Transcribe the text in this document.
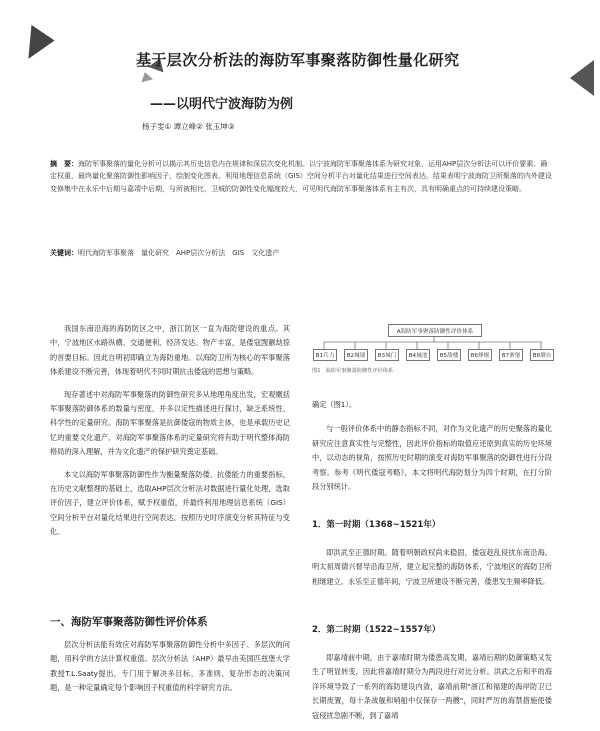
基于层次分析法的海防军事聚落防御性量化研究
——以明代宁波海防为例
杨子雯① 谭立峰② 张玉坤③
摘　要：海防军事聚落的量化分析可以揭示其历史信息内在规律和深层次变化机制。以宁波海防军事聚落体系为研究对象，运用AHP层次分析法可以评价要素、确定权重，最终量化聚落防御性影响因子，绘制变化图表。利用地理信息系统（GIS）空间分析平台对量化结果进行空间表达。结果表明宁波海防卫所聚落的内外建设变修集中在永乐中后期与嘉靖中后期，与所被相比，卫城的防御性变化幅度较大，可见明代海防军事聚落体系有主有次，具有明确重点的可持续建设策略。
关键词：明代海防军事聚落　量化研究　AHP层次分析法　GIS　文化遗产

我国东南沿海的海防防区之中，浙江防区一直为海防建设的重点。其中，宁波地区水路纵横、交通便利、经济发达、物产丰富，是倭寇觊觎劫掠的首要目标。因此自明初即确立为海防重地。以海防卫所为核心的军事聚落体系建设不断完善，体现着明代不同时期抗击倭寇的思想与策略。

现存著述中对海防军事聚落的防御性研究多从地理角度出发，宏观概括军事聚落防御体系的数量与密度，并多以定性描述进行探讨，缺乏系统性、科学性的定量研究。海防军事聚落是抗御倭寇的物质主体，也是承载历史记忆的重要文化遗产。对海防军事聚落体系的定量研究将有助于明代整体海防格局的深入理解，并为文化遗产的保护研究奠定基础。

本文以海防军事聚落防御性作为衡量聚落防倭、抗倭能力的重要指标，在历史文献整理的基础上，选取AHP层次分析法对数据进行量化处理，选取评价因子，建立评价体系，赋予权重值，并最终利用地理信息系统（GIS）空间分析平台对量化结果进行空间表达，按照历史时序演变分析其特征与变化。

一、海防军事聚落防御性评价体系

层次分析法能有效应对海防军事聚落防御性分析中多因子、多层次的问题，用科学的方法计算权重值。层次分析法（AHP）最早由美国匹兹堡大学教授T.L.Saaty提出，专门用于解决多目标、多准则、复杂形态的决策问题，是一种定量确定每个影响因子权重值的科学研究方法。

A海防军事聚落防御性评价体系
B1兵力	B2城墙	B3城门	B4城池	B5敌楼	B6烽堠	B7寨堡	B8墩台
图1　海防军事聚落防御性评价体系
确定（图1）。

与一般评价体系中的静态指标不同，对作为文化遗产的历史聚落的量化研究应注意真实性与完整性，因此评价指标的取值应还原到真实的历史环境中，以动态的视角，按照历史时期的演变对海防军事聚落的防御性进行分段考察。参考《明代倭寇考略》，本文将明代海防划分为四个时期，在打分阶段分别统计。

1．第一时期（1368~1521年）

即洪武至正德时期。随着明朝政权尚未稳固，倭寇趁乱侵扰东南沿海。明太祖周德兴督导沿海卫所，建立起完整的海防体系，宁波地区的海防卫所相继建立。永乐至正德年间，宁波卫所建设不断完善，倭患发生频率降低。

2．第二时期（1522~1557年）

即嘉靖前中期。由于嘉靖时期为倭患高发期，嘉靖后期的防御策略又发生了明显转变，因此将嘉靖时期分为两段进行对比分析。洪武之后和平的海洋环境导致了一系列的海防建设内敛，嘉靖前期"浙江和福建的海岸防卫已长期废置，每十条战舰和哨船中仅保存一两艘"，同时严厉的海禁措施使倭寇侵扰急剧不断，到了嘉靖
